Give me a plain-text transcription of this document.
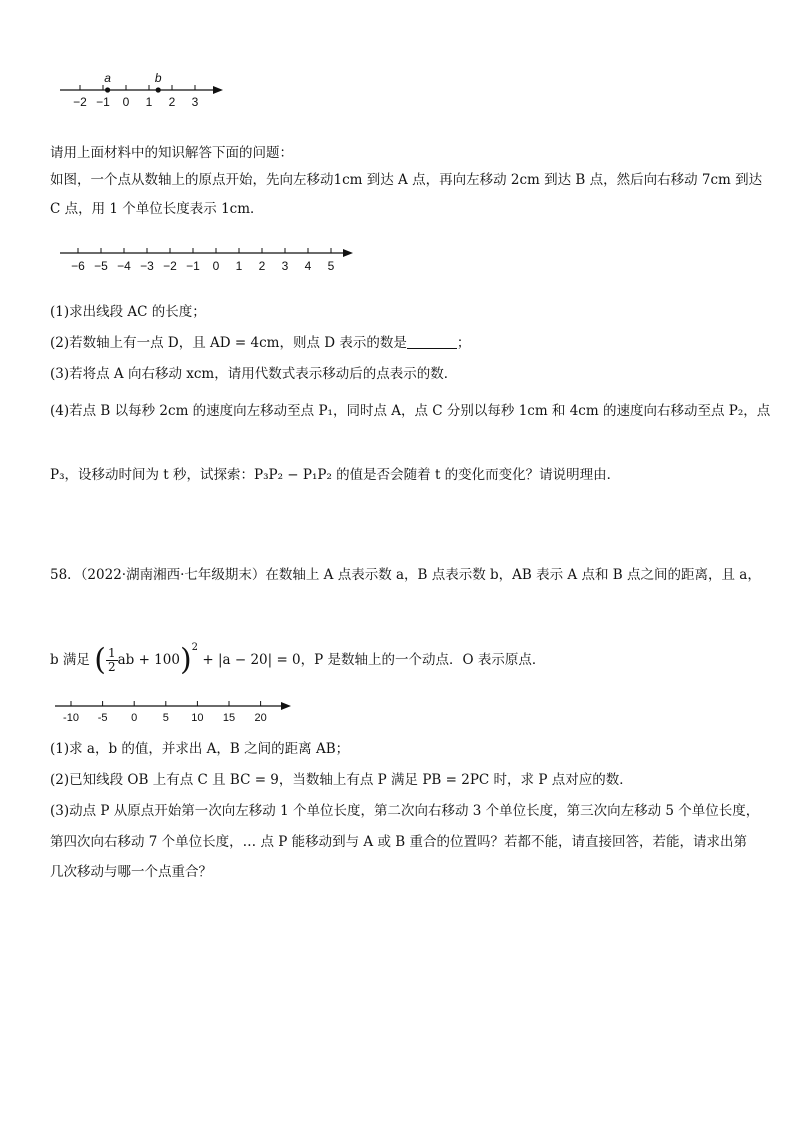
−2 −1 0 1 2 3
a	b
请用上面材料中的知识解答下面的问题：
如图，一个点从数轴上的原点开始，先向左移动1cm 到达 A 点，再向左移动 2cm 到达 B 点，然后向右移动 7cm 到达
C 点，用 1 个单位长度表示 1cm．
−6 −5 −4 −3 −2 −1 0 1 2 3 4 5
(1)求出线段 AC 的长度；
(2)若数轴上有一点 D，且 AD = 4cm，则点 D 表示的数是	；
(3)若将点 A 向右移动 xcm，请用代数式表示移动后的点表示的数．
(4)若点 B 以每秒 2cm 的速度向左移动至点 P₁，同时点 A，点 C 分别以每秒 1cm 和 4cm 的速度向右移动至点 P₂，点
P₃，设移动时间为 t 秒，试探索：P₃P₂ − P₁P₂ 的值是否会随着 t 的变化而变化？请说明理由．
58．（2022·湖南湘西·七年级期末）在数轴上 A 点表示数 a，B 点表示数 b，AB 表示 A 点和 B 点之间的距离，且 a，
b 满足 ( $\frac{1}{2}$ ab + 100)$^2$ + |a − 20| = 0，P 是数轴上的一个动点．O 表示原点．
-10 -5 0 5 10 15 20
(1)求 a，b 的值，并求出 A，B 之间的距离 AB；
(2)已知线段 OB 上有点 C 且 BC = 9，当数轴上有点 P 满足 PB = 2PC 时，求 P 点对应的数．
(3)动点 P 从原点开始第一次向左移动 1 个单位长度，第二次向右移动 3 个单位长度，第三次向左移动 5 个单位长度，
第四次向右移动 7 个单位长度，… 点 P 能移动到与 A 或 B 重合的位置吗？若都不能，请直接回答，若能，请求出第
几次移动与哪一个点重合？
